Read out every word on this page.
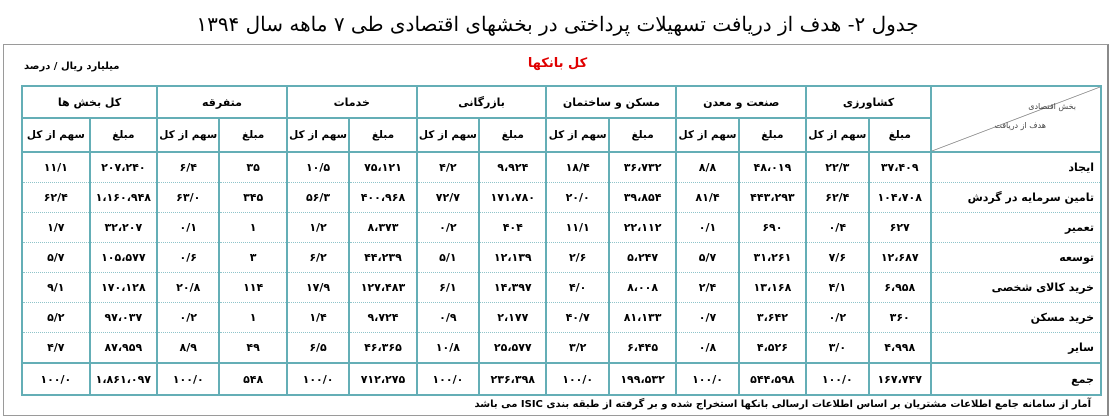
جدول ۲- هدف از دریافت تسهیلات پرداختی در بخشهای اقتصادی طی ۷ ماهه سال ۱۳۹۴
کل بانکها
میلیارد ریال / درصد
بخش اقتصادی
هدف از دریافت	کشاورزی		صنعت و معدن		مسکن و ساختمان		بازرگانی		خدمات		متفرقه		کل بخش ها	
	مبلغ	سهم از کل	مبلغ	سهم از کل	مبلغ	سهم از کل	مبلغ	سهم از کل	مبلغ	سهم از کل	مبلغ	سهم از کل	مبلغ	سهم از کل
ایجاد	۳۷،۴۰۹	۲۲/۳	۴۸،۰۱۹	۸/۸	۳۶،۷۳۲	۱۸/۴	۹،۹۲۴	۴/۲	۷۵،۱۲۱	۱۰/۵	۳۵	۶/۴	۲۰۷،۲۴۰	۱۱/۱
تامین سرمایه در گردش	۱۰۴،۷۰۸	۶۲/۴	۴۴۳،۲۹۳	۸۱/۴	۳۹،۸۵۴	۲۰/۰	۱۷۱،۷۸۰	۷۲/۷	۴۰۰،۹۶۸	۵۶/۳	۳۴۵	۶۳/۰	۱،۱۶۰،۹۴۸	۶۲/۴
تعمیر	۶۲۷	۰/۴	۶۹۰	۰/۱	۲۲،۱۱۲	۱۱/۱	۴۰۴	۰/۲	۸،۳۷۳	۱/۲	۱	۰/۱	۳۲،۲۰۷	۱/۷
توسعه	۱۲،۶۸۷	۷/۶	۳۱،۲۶۱	۵/۷	۵،۲۴۷	۲/۶	۱۲،۱۳۹	۵/۱	۴۴،۲۳۹	۶/۲	۳	۰/۶	۱۰۵،۵۷۷	۵/۷
خرید کالای شخصی	۶،۹۵۸	۴/۱	۱۳،۱۶۸	۲/۴	۸،۰۰۸	۴/۰	۱۴،۳۹۷	۶/۱	۱۲۷،۴۸۳	۱۷/۹	۱۱۴	۲۰/۸	۱۷۰،۱۲۸	۹/۱
خرید مسکن	۳۶۰	۰/۲	۳،۶۴۲	۰/۷	۸۱،۱۳۳	۴۰/۷	۲،۱۷۷	۰/۹	۹،۷۲۴	۱/۴	۱	۰/۲	۹۷،۰۳۷	۵/۲
سایر	۴،۹۹۸	۳/۰	۴،۵۲۶	۰/۸	۶،۴۴۵	۳/۲	۲۵،۵۷۷	۱۰/۸	۴۶،۳۶۵	۶/۵	۴۹	۸/۹	۸۷،۹۵۹	۴/۷
جمع	۱۶۷،۷۴۷	۱۰۰/۰	۵۴۴،۵۹۸	۱۰۰/۰	۱۹۹،۵۳۲	۱۰۰/۰	۲۳۶،۳۹۸	۱۰۰/۰	۷۱۲،۲۷۵	۱۰۰/۰	۵۴۸	۱۰۰/۰	۱،۸۶۱،۰۹۷	۱۰۰/۰
آمار از سامانه جامع اطلاعات مشتریان بر اساس اطلاعات ارسالی بانکها استخراج شده و بر گرفته از طبقه بندی ISIC می باشد
